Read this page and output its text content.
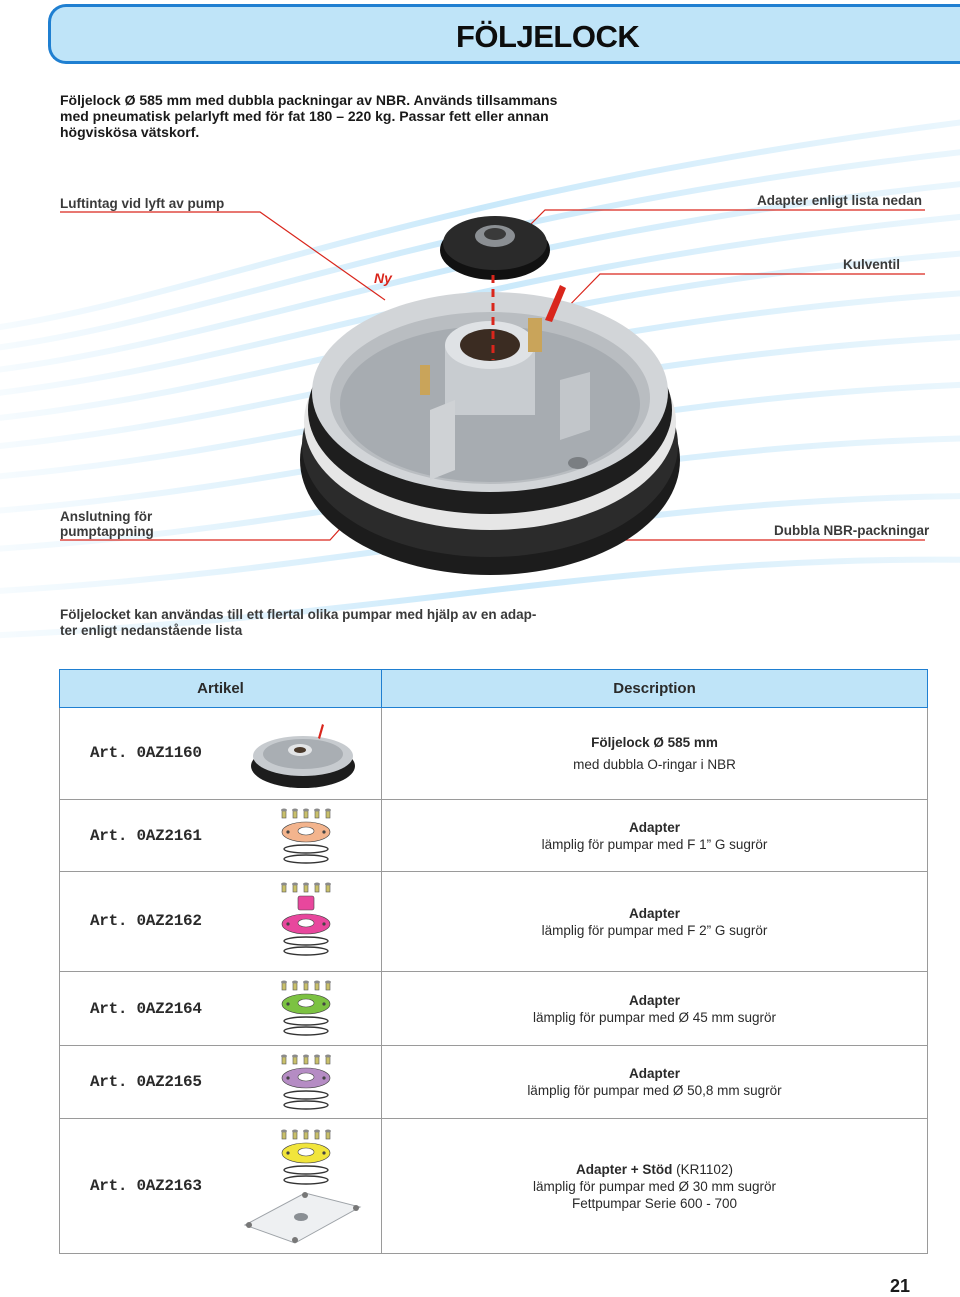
FÖLJELOCK
Följelock Ø 585 mm med dubbla packningar av NBR. Används tillsammans
med pneumatisk pelarlyft med för fat 180 – 220 kg. Passar fett eller annan
högviskösa vätskorf.
Luftintag vid lyft av pump	Adapter enligt lista nedan
Ny
Kulventil
Anslutning för
pumptappning	Dubbla NBR-packningar
Följelocket kan användas till ett flertal olika pumpar med hjälp av en adap-
ter enligt nedanstående lista
Artikel	Description

Art. 0AZ1160	Följelock Ø 585 mm
med dubbla O-ringar i NBR

Art. 0AZ2161	Adapter
lämplig för pumpar med F 1” G sugrör

Art. 0AZ2162	Adapter
lämplig för pumpar med F 2” G sugrör

Art. 0AZ2164	Adapter
lämplig för pumpar med Ø 45 mm sugrör

Art. 0AZ2165	Adapter
lämplig för pumpar med Ø 50,8 mm sugrör

Art. 0AZ2163	Adapter + Stöd (KR1102)
lämplig för pumpar med Ø 30 mm sugrör
Fettpumpar Serie 600 - 700
21
